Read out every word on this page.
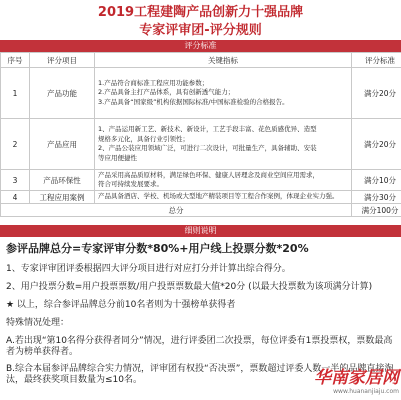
2019工程建陶产品创新力十强品牌
专家评审团-评分规则
评分标准
序号	评分项目	关键指标	评分标准
1	产品功能	1.产品符合商标准工程应用功能参数；
2.产品具备主打产品体系，具有创新透气能力；
3.产品具备“国家级”机构依据国际标准/中国标准检验的合格报告。	满分20分
2	产品应用	1、产品运用新工艺、新技术、新设计，工艺手段丰富、花色质感优异、造型
规格多元化，具备行业引领性；
2、产品公装应用领域广泛，可进行二次设计，可批量生产，具备辅助、安装
等应用便捷性	满分20分
3	产品环保性	产品采用高品质原材料，满足绿色环保、健康人居理念及商业空间应用需求，
符合可持续发展要求。	满分10分
4	工程应用案例	产品具备酒店、学校、机场或大型地产精装项目等工程合作案例，体现企业实力强。	满分30分
总分			满分100分
细则说明
参评品牌总分=专家评审分数*80%+用户线上投票分数*20%
1、专家评审团评委根据四大评分项目进行对应打分并计算出综合得分。
2、用户投票分数=用户投票票数/用户投票票数最大值*20分 (以最大投票数为该项满分计算)
★ 以上，综合参评品牌总分前10名者则为十强榜单获得者
特殊情况处理：
A.若出现“第10名得分获得者同分”情况，进行评委团二次投票，每位评委有1票投票权，票数最高者为榜单获得者。
B.综合本届参评品牌综合实力情况，评审团有权投“否决票”，票数超过评委人数一半的品牌直接淘汰，最终获奖项目数量为≤10名。	华南家居网
www.huananjiaju.com
